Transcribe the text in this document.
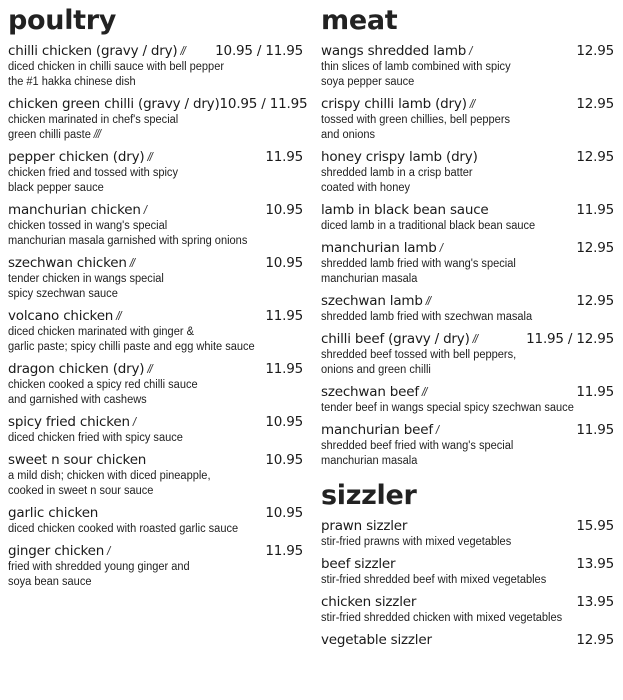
poultry
chilli chicken (gravy / dry) // 10.95 / 11.95
diced chicken in chilli sauce with bell pepper
the #1 hakka chinese dish
chicken green chilli (gravy / dry) 10.95 / 11.95
chicken marinated in chef's special
green chilli paste ///
pepper chicken (dry) //	11.95
chicken fried and tossed with spicy
black pepper sauce
manchurian chicken /	10.95
chicken tossed in wang's special
manchurian masala garnished with spring onions
szechwan chicken //	10.95
tender chicken in wangs special
spicy szechwan sauce
volcano chicken //	11.95
diced chicken marinated with ginger &
garlic paste; spicy chilli paste and egg white sauce
dragon chicken (dry) //	11.95
chicken cooked a spicy red chilli sauce
and garnished with cashews
spicy fried chicken /	10.95
diced chicken fried with spicy sauce
sweet n sour chicken	10.95
a mild dish; chicken with diced pineapple,
cooked in sweet n sour sauce
garlic chicken	10.95
diced chicken cooked with roasted garlic sauce
ginger chicken /	11.95
fried with shredded young ginger and
soya bean sauce
meat
wangs shredded lamb /	12.95
thin slices of lamb combined with spicy
soya pepper sauce
crispy chilli lamb (dry) //	12.95
tossed with green chillies, bell peppers
and onions
honey crispy lamb (dry)	12.95
shredded lamb in a crisp batter
coated with honey
lamb in black bean sauce	11.95
diced lamb in a traditional black bean sauce
manchurian lamb /	12.95
shredded lamb fried with wang's special
manchurian masala
szechwan lamb //	12.95
shredded lamb fried with szechwan masala
chilli beef (gravy / dry) //	11.95 / 12.95
shredded beef tossed with bell peppers,
onions and green chilli
szechwan beef //	11.95
tender beef in wangs special spicy szechwan sauce
manchurian beef /	11.95
shredded beef fried with wang's special
manchurian masala
sizzler
prawn sizzler	15.95
stir-fried prawns with mixed vegetables
beef sizzler	13.95
stir-fried shredded beef with mixed vegetables
chicken sizzler	13.95
stir-fried shredded chicken with mixed vegetables
vegetable sizzler	12.95
